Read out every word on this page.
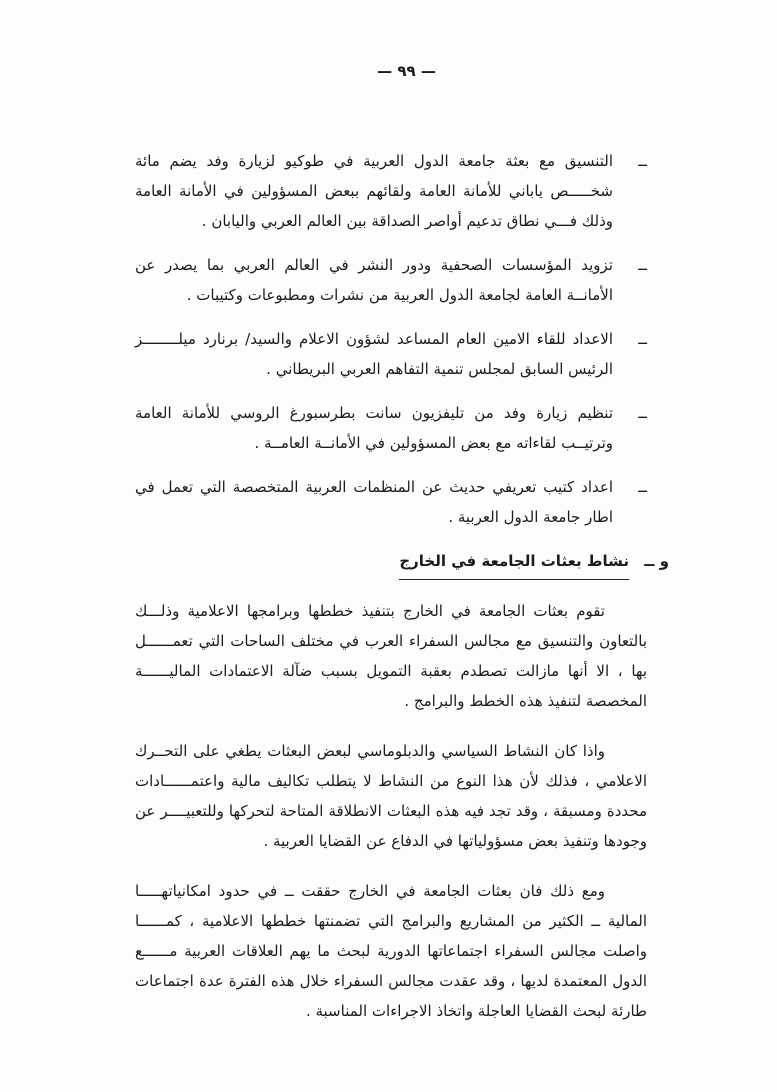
— ٩٩ —
ــ
التنسيق مع بعثة جامعة الدول العربية في طوكيو لزيارة وفد يضم مائة شخـــــص ياباني للأمانة العامة ولقائهم ببعض المسؤولين في الأمانة العامة وذلك فـــي نطاق تدعيم أواصر الصداقة بين العالم العربي واليابان .
ــ
تزويد المؤسسات الصحفية ودور النشر في العالم العربي بما يصدر عن الأمانــة العامة لجامعة الدول العربية من نشرات ومطبوعات وكتيبات .
ــ
الاعداد للقاء الامين العام المساعد لشؤون الاعلام والسيد/ برنارد ميلــــــــز الرئيس السابق لمجلس تنمية التفاهم العربي البريطاني .
ــ
تنظيم زيارة وفد من تليفزيون سانت بطرسبورغ الروسي للأمانة العامة وترتيــب لقاءاته مع بعض المسؤولين في الأمانــة العامــة .
ــ
اعداد كتيب تعريفي حديث عن المنظمات العربية المتخصصة التي تعمل في اطار جامعة الدول العربية .
و ــ
نشاط بعثات الجامعة في الخارج

تقوم بعثات الجامعة في الخارج بتنفيذ خططها وبرامجها الاعلامية وذلـــك بالتعاون والتنسيق مع مجالس السفراء العرب في مختلف الساحات التي تعمــــــل بها ، الا أنها مازالت تصطدم بعقبة التمويل بسبب ضآلة الاعتمادات الماليــــــة المخصصة لتنفيذ هذه الخطط والبرامج .

واذا كان النشاط السياسي والدبلوماسي لبعض البعثات يطغي على التحــرك الاعلامي ، فذلك لأن هذا النوع من النشاط لا يتطلب تكاليف مالية واعتمــــــادات محددة ومسبقة ، وقد تجد فيه هذه البعثات الانطلاقة المتاحة لتحركها وللتعبيــــر عن وجودها وتنفيذ بعض مسؤولياتها في الدفاع عن القضايا العربية .

ومع ذلك فان بعثات الجامعة في الخارج حققت ــ في حدود امكانياتهـــــا المالية ــ الكثير من المشاريع والبرامج التي تضمنتها خططها الاعلامية ، كمــــــا واصلت مجالس السفراء اجتماعاتها الدورية لبحث ما يهم العلاقات العربية مــــــع الدول المعتمدة لديها ، وقد عقدت مجالس السفراء خلال هذه الفترة عدة اجتماعات طارئة لبحث القضايا العاجلة واتخاذ الاجراءات المناسبة .
